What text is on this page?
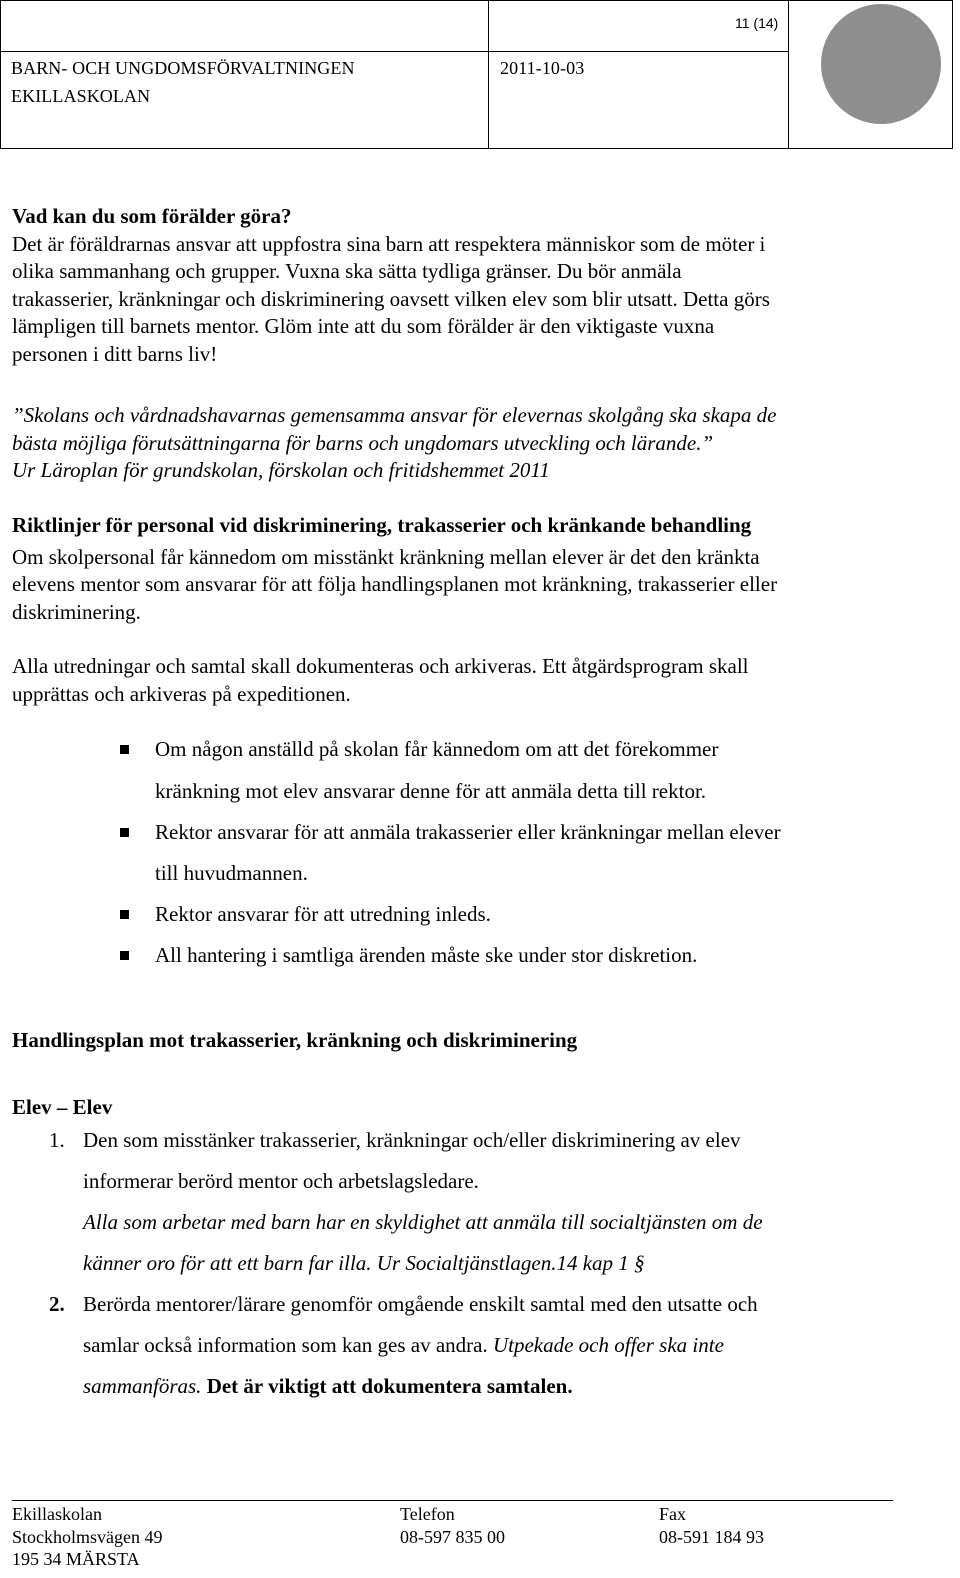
11 (14)
BARN- OCH UNGDOMSFÖRVALTNINGEN
EKILLASKOLAN
2011-10-03
Vad kan du som förälder göra?
Det är föräldrarnas ansvar att uppfostra sina barn att respektera människor som de möter i
olika sammanhang och grupper. Vuxna ska sätta tydliga gränser. Du bör anmäla
trakasserier, kränkningar och diskriminering oavsett vilken elev som blir utsatt. Detta görs
lämpligen till barnets mentor. Glöm inte att du som förälder är den viktigaste vuxna
personen i ditt barns liv!
”Skolans och vårdnadshavarnas gemensamma ansvar för elevernas skolgång ska skapa de
bästa möjliga förutsättningarna för barns och ungdomars utveckling och lärande.”
Ur Läroplan för grundskolan, förskolan och fritidshemmet 2011
Riktlinjer för personal vid diskriminering, trakasserier och kränkande behandling
Om skolpersonal får kännedom om misstänkt kränkning mellan elever är det den kränkta
elevens mentor som ansvarar för att följa handlingsplanen mot kränkning, trakasserier eller
diskriminering.
Alla utredningar och samtal skall dokumenteras och arkiveras. Ett åtgärdsprogram skall
upprättas och arkiveras på expeditionen.
Om någon anställd på skolan får kännedom om att det förekommer
kränkning mot elev ansvarar denne för att anmäla detta till rektor.
Rektor ansvarar för att anmäla trakasserier eller kränkningar mellan elever
till huvudmannen.
Rektor ansvarar för att utredning inleds.
All hantering i samtliga ärenden måste ske under stor diskretion.
Handlingsplan mot trakasserier, kränkning och diskriminering
Elev – Elev
1. Den som misstänker trakasserier, kränkningar och/eller diskriminering av elev
informerar berörd mentor och arbetslagsledare.
Alla som arbetar med barn har en skyldighet att anmäla till socialtjänsten om de
känner oro för att ett barn far illa. Ur Socialtjänstlagen.14 kap 1 §
2. Berörda mentorer/lärare genomför omgående enskilt samtal med den utsatte och
samlar också information som kan ges av andra. Utpekade och offer ska inte
sammanföras. Det är viktigt att dokumentera samtalen.
Ekillaskolan
Stockholmsvägen 49
195 34 MÄRSTA
Telefon
08-597 835 00
Fax
08-591 184 93
